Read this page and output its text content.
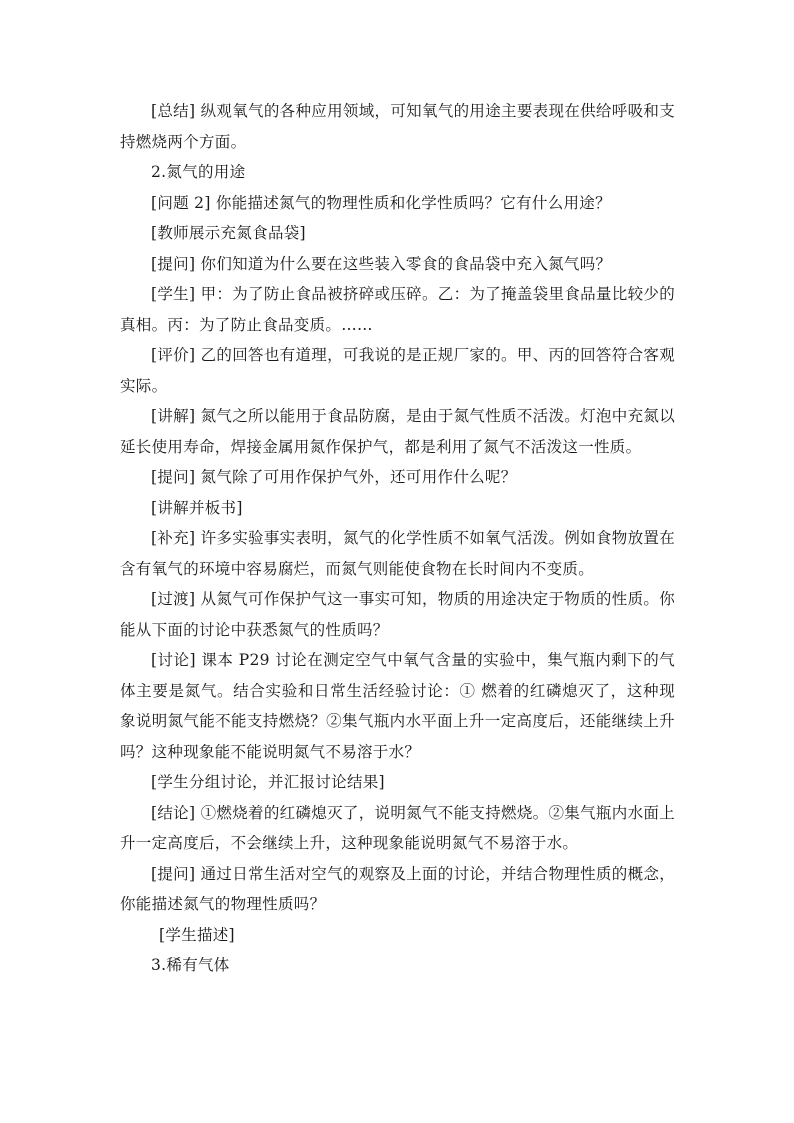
[总结] 纵观氧气的各种应用领域，可知氧气的用途主要表现在供给呼吸和支持燃烧两个方面。

2.氮气的用途

[问题 2] 你能描述氮气的物理性质和化学性质吗？它有什么用途？

[教师展示充氮食品袋]

[提问] 你们知道为什么要在这些装入零食的食品袋中充入氮气吗？

[学生] 甲：为了防止食品被挤碎或压碎。乙：为了掩盖袋里食品量比较少的真相。丙：为了防止食品变质。……

[评价] 乙的回答也有道理，可我说的是正规厂家的。甲、丙的回答符合客观实际。

[讲解] 氮气之所以能用于食品防腐，是由于氮气性质不活泼。灯泡中充氮以延长使用寿命，焊接金属用氮作保护气，都是利用了氮气不活泼这一性质。

[提问] 氮气除了可用作保护气外，还可用作什么呢？

[讲解并板书]

[补充] 许多实验事实表明，氮气的化学性质不如氧气活泼。例如食物放置在含有氧气的环境中容易腐烂，而氮气则能使食物在长时间内不变质。

[过渡] 从氮气可作保护气这一事实可知，物质的用途决定于物质的性质。你能从下面的讨论中获悉氮气的性质吗？

[讨论] 课本 P29 讨论在测定空气中氧气含量的实验中，集气瓶内剩下的气体主要是氮气。结合实验和日常生活经验讨论：① 燃着的红磷熄灭了，这种现象说明氮气能不能支持燃烧？②集气瓶内水平面上升一定高度后，还能继续上升吗？这种现象能不能说明氮气不易溶于水？

[学生分组讨论，并汇报讨论结果]

[结论] ①燃烧着的红磷熄灭了，说明氮气不能支持燃烧。②集气瓶内水面上升一定高度后，不会继续上升，这种现象能说明氮气不易溶于水。

[提问] 通过日常生活对空气的观察及上面的讨论，并结合物理性质的概念，你能描述氮气的物理性质吗？

[学生描述]

3.稀有气体
